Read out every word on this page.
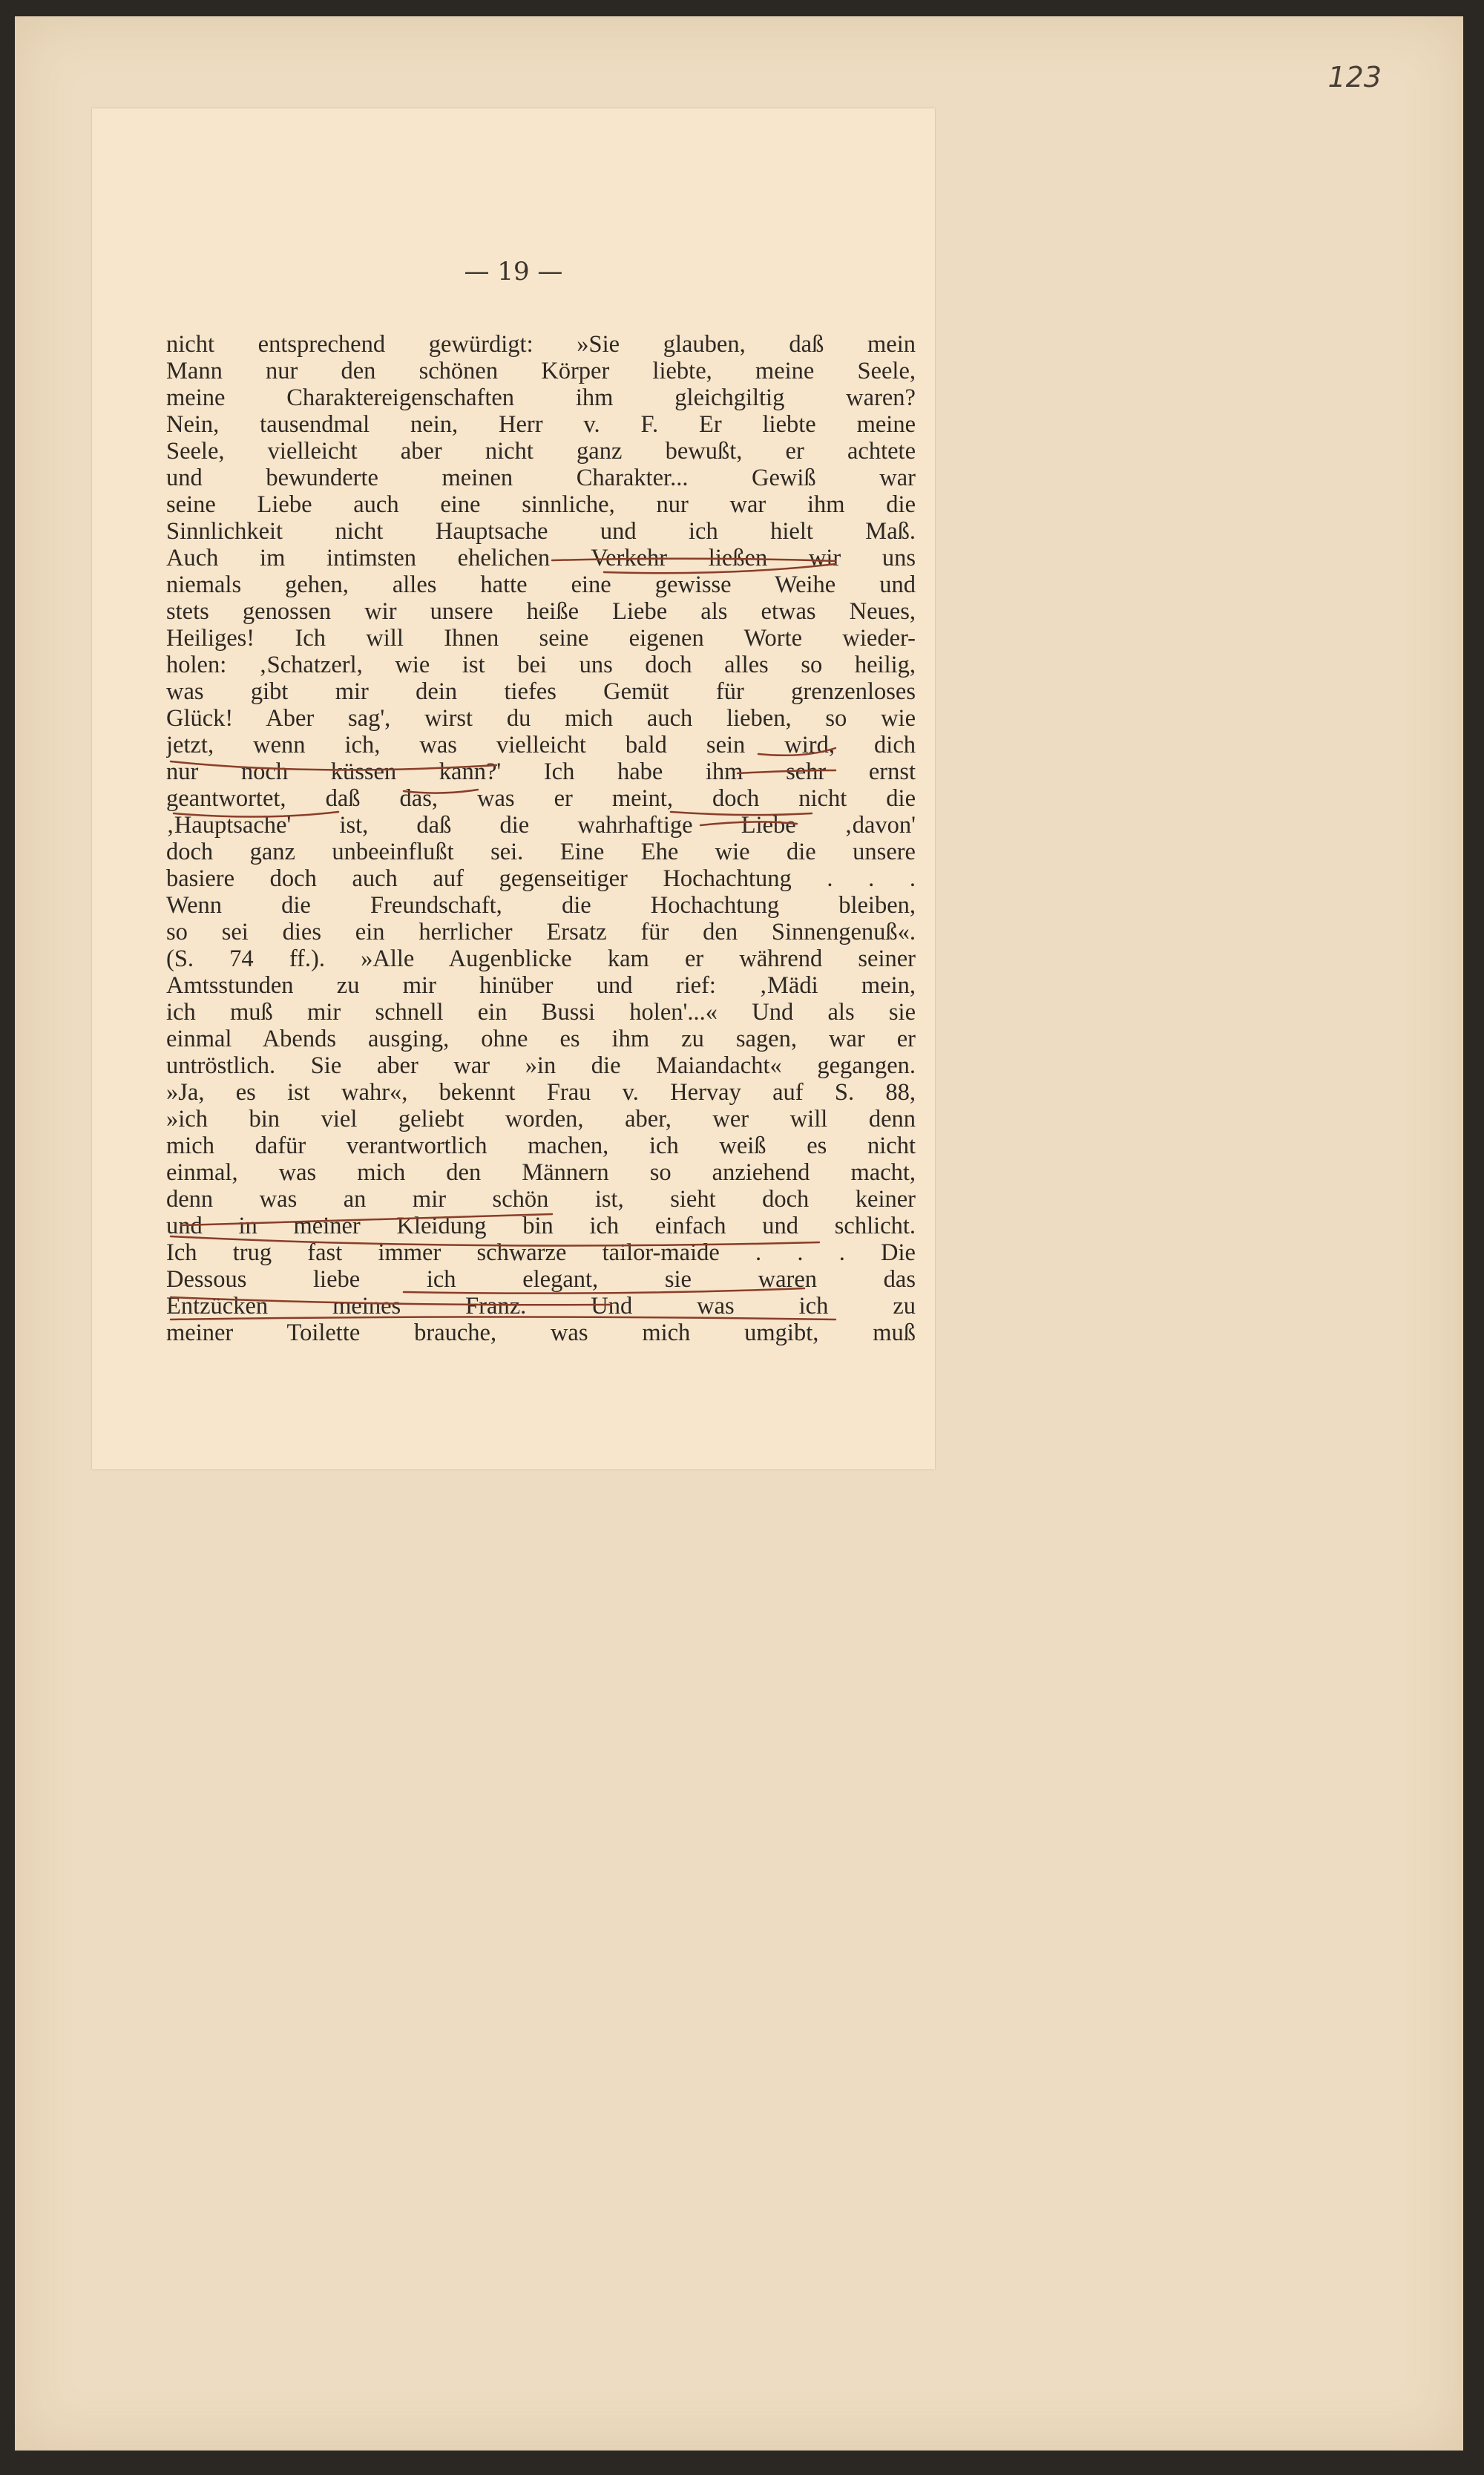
123
— 19 —
nicht entsprechend gewürdigt: »Sie glauben, daß mein
Mann nur den schönen Körper liebte, meine Seele,
meine Charaktereigenschaften ihm gleichgiltig waren?
Nein, tausendmal nein, Herr v. F. Er liebte meine
Seele, vielleicht aber nicht ganz bewußt, er achtete
und bewunderte meinen Charakter... Gewiß war
seine Liebe auch eine sinnliche, nur war ihm die
Sinnlichkeit nicht Hauptsache und ich hielt Maß.
Auch im intimsten ehelichen Verkehr ließen wir uns
niemals gehen, alles hatte eine gewisse Weihe und
stets genossen wir unsere heiße Liebe als etwas Neues,
Heiliges! Ich will Ihnen seine eigenen Worte wieder-
holen: ‚Schatzerl, wie ist bei uns doch alles so heilig,
was gibt mir dein tiefes Gemüt für grenzenloses
Glück! Aber sag', wirst du mich auch lieben, so wie
jetzt, wenn ich, was vielleicht bald sein wird, dich
nur noch küssen kann?' Ich habe ihm sehr ernst
geantwortet, daß das, was er meint, doch nicht die
‚Hauptsache' ist, daß die wahrhaftige Liebe ‚davon'
doch ganz unbeeinflußt sei. Eine Ehe wie die unsere
basiere doch auch auf gegenseitiger Hochachtung . . .
Wenn die Freundschaft, die Hochachtung bleiben,
so sei dies ein herrlicher Ersatz für den Sinnengenuß«.
(S. 74 ff.). »Alle Augenblicke kam er während seiner
Amtsstunden zu mir hinüber und rief: ‚Mädi mein,
ich muß mir schnell ein Bussi holen'...« Und als sie
einmal Abends ausging, ohne es ihm zu sagen, war er
untröstlich. Sie aber war »in die Maiandacht« gegangen.
»Ja, es ist wahr«, bekennt Frau v. Hervay auf S. 88,
»ich bin viel geliebt worden, aber, wer will denn
mich dafür verantwortlich machen, ich weiß es nicht
einmal, was mich den Männern so anziehend macht,
denn was an mir schön ist, sieht doch keiner
und in meiner Kleidung bin ich einfach und schlicht.
Ich trug fast immer schwarze tailor-maide . . . Die
Dessous liebe ich elegant, sie waren das
Entzücken meines Franz. Und was ich zu
meiner Toilette brauche, was mich umgibt, muß
